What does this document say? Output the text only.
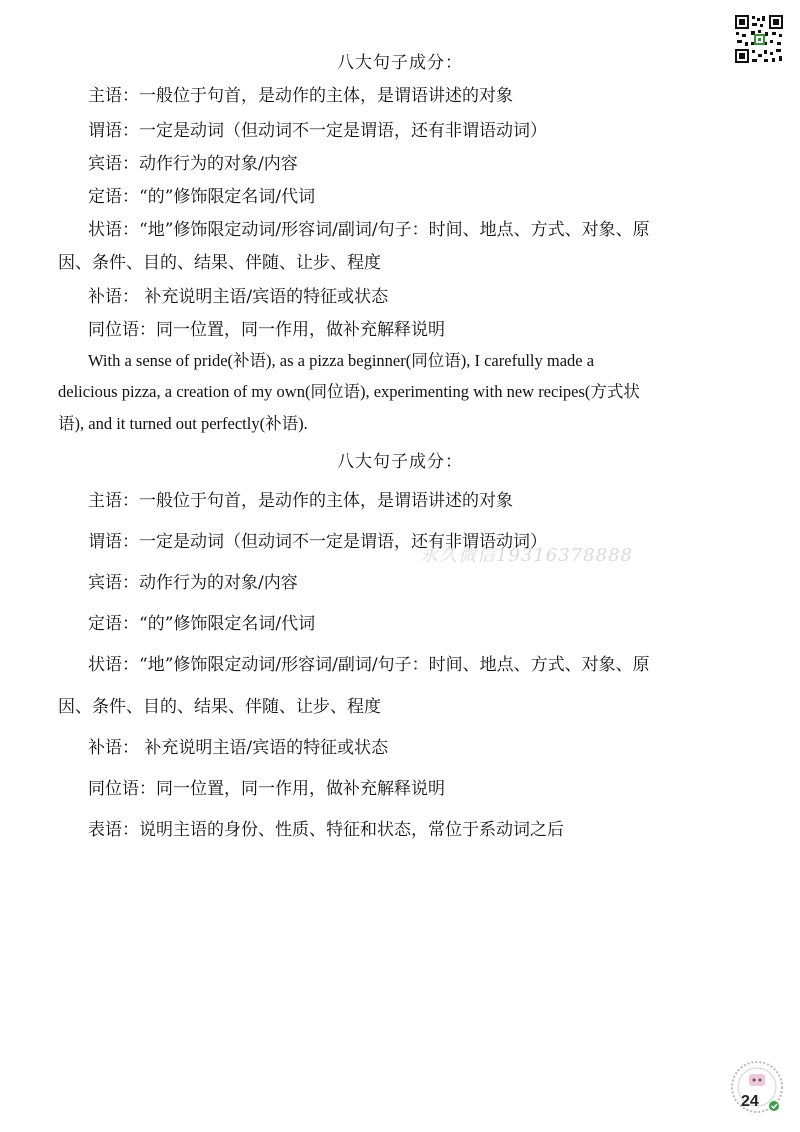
八大句子成分：
主语：一般位于句首，是动作的主体，是谓语讲述的对象
谓语：一定是动词（但动词不一定是谓语，还有非谓语动词）
宾语：动作行为的对象/内容
定语：“的”修饰限定名词/代词
状语：“地”修饰限定动词/形容词/副词/句子：时间、地点、方式、对象、原
因、条件、目的、结果、伴随、让步、程度
补语： 补充说明主语/宾语的特征或状态
同位语：同一位置，同一作用，做补充解释说明
With a sense of pride(补语), as a pizza beginner(同位语), I carefully made a
delicious pizza, a creation of my own(同位语), experimenting with new recipes(方式状
语), and it turned out perfectly(补语).
八大句子成分：
主语：一般位于句首，是动作的主体，是谓语讲述的对象
谓语：一定是动词（但动词不一定是谓语，还有非谓语动词）
宾语：动作行为的对象/内容
定语：“的”修饰限定名词/代词
状语：“地”修饰限定动词/形容词/副词/句子：时间、地点、方式、对象、原
因、条件、目的、结果、伴随、让步、程度
补语： 补充说明主语/宾语的特征或状态
同位语：同一位置，同一作用，做补充解释说明
表语：说明主语的身份、性质、特征和状态，常位于系动词之后
永久微信19316378888
24
